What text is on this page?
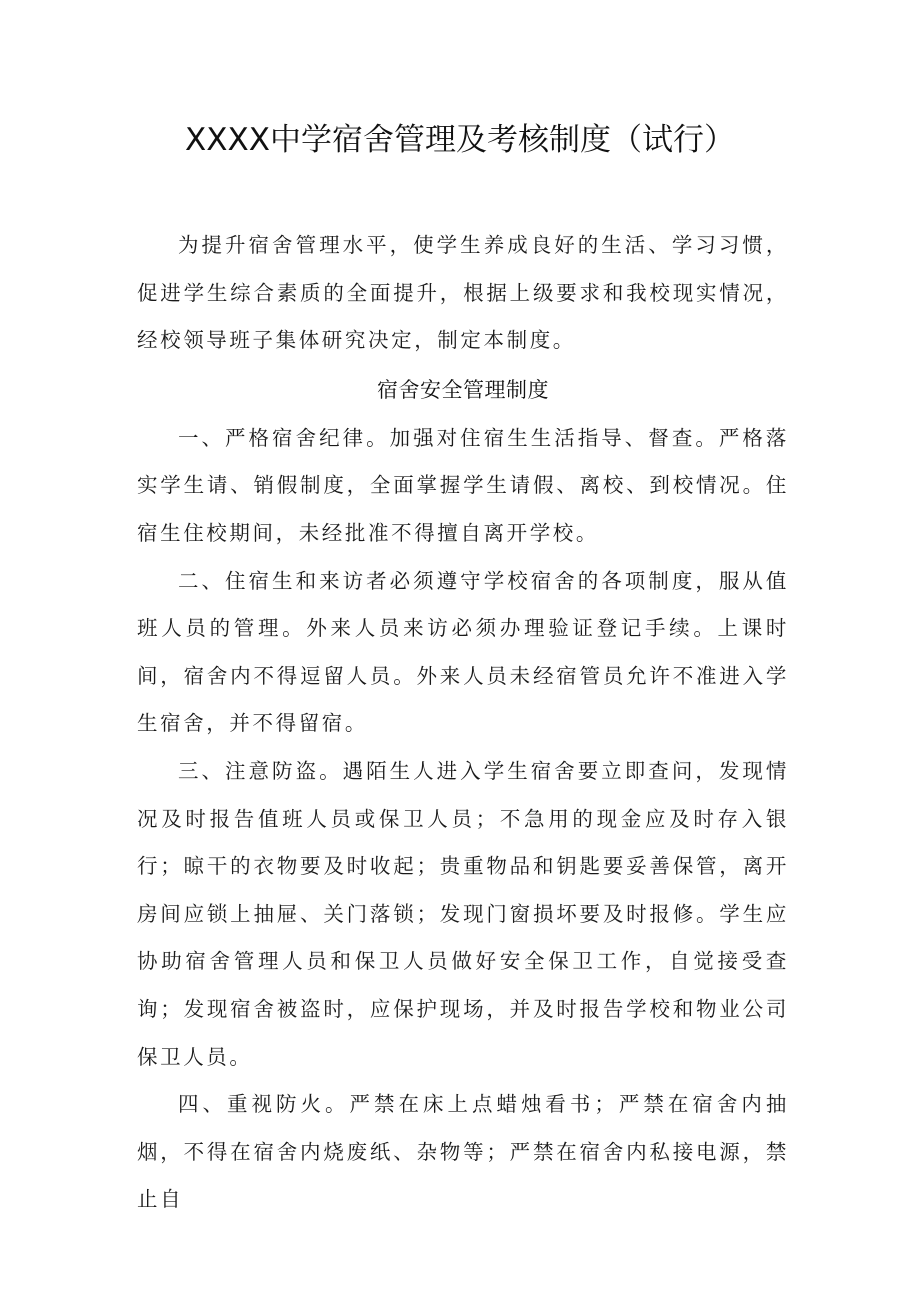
XXXX中学宿舍管理及考核制度（试行）

为提升宿舍管理水平，使学生养成良好的生活、学习习惯，促进学生综合素质的全面提升，根据上级要求和我校现实情况，经校领导班子集体研究决定，制定本制度。

宿舍安全管理制度

一、严格宿舍纪律。加强对住宿生生活指导、督查。严格落实学生请、销假制度，全面掌握学生请假、离校、到校情况。住宿生住校期间，未经批准不得擅自离开学校。

二、住宿生和来访者必须遵守学校宿舍的各项制度，服从值班人员的管理。外来人员来访必须办理验证登记手续。上课时间，宿舍内不得逗留人员。外来人员未经宿管员允许不准进入学生宿舍，并不得留宿。

三、注意防盗。遇陌生人进入学生宿舍要立即查问，发现情况及时报告值班人员或保卫人员；不急用的现金应及时存入银行；晾干的衣物要及时收起；贵重物品和钥匙要妥善保管，离开房间应锁上抽屉、关门落锁；发现门窗损坏要及时报修。学生应协助宿舍管理人员和保卫人员做好安全保卫工作，自觉接受查询；发现宿舍被盗时，应保护现场，并及时报告学校和物业公司保卫人员。

四、重视防火。严禁在床上点蜡烛看书；严禁在宿舍内抽烟，不得在宿舍内烧废纸、杂物等；严禁在宿舍内私接电源，禁止自
